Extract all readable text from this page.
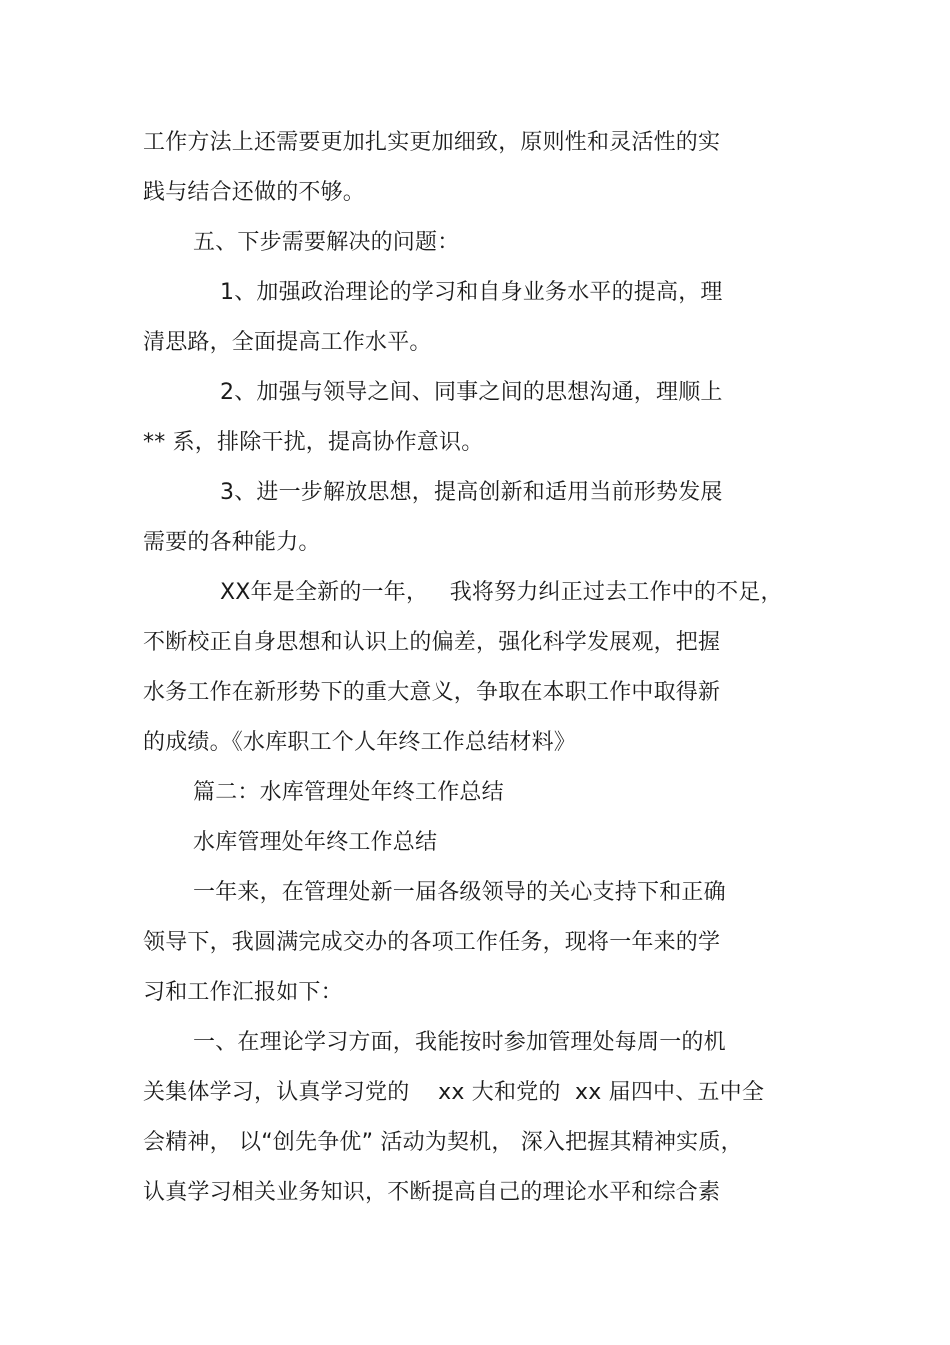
工作方法上还需要更加扎实更加细致，原则性和灵活性的实
践与结合还做的不够。
五、下步需要解决的问题：
1、加强政治理论的学习和自身业务水平的提高，理
清思路，全面提高工作水平。
2、加强与领导之间、同事之间的思想沟通，理顺上
** 系，排除干扰，提高协作意识。
3、进一步解放思想，提高创新和适用当前形势发展
需要的各种能力。
XX年是全新的一年，   我将努力纠正过去工作中的不足，
不断校正自身思想和认识上的偏差，强化科学发展观，把握
水务工作在新形势下的重大意义，争取在本职工作中取得新
的成绩。《水库职工个人年终工作总结材料》
篇二：水库管理处年终工作总结
水库管理处年终工作总结
一年来，在管理处新一届各级领导的关心支持下和正确
领导下，我圆满完成交办的各项工作任务，现将一年来的学
习和工作汇报如下：
一、在理论学习方面，我能按时参加管理处每周一的机
关集体学习，认真学习党的    xx 大和党的  xx 届四中、五中全
会精神， 以“创先争优” 活动为契机， 深入把握其精神实质，
认真学习相关业务知识，不断提高自己的理论水平和综合素
